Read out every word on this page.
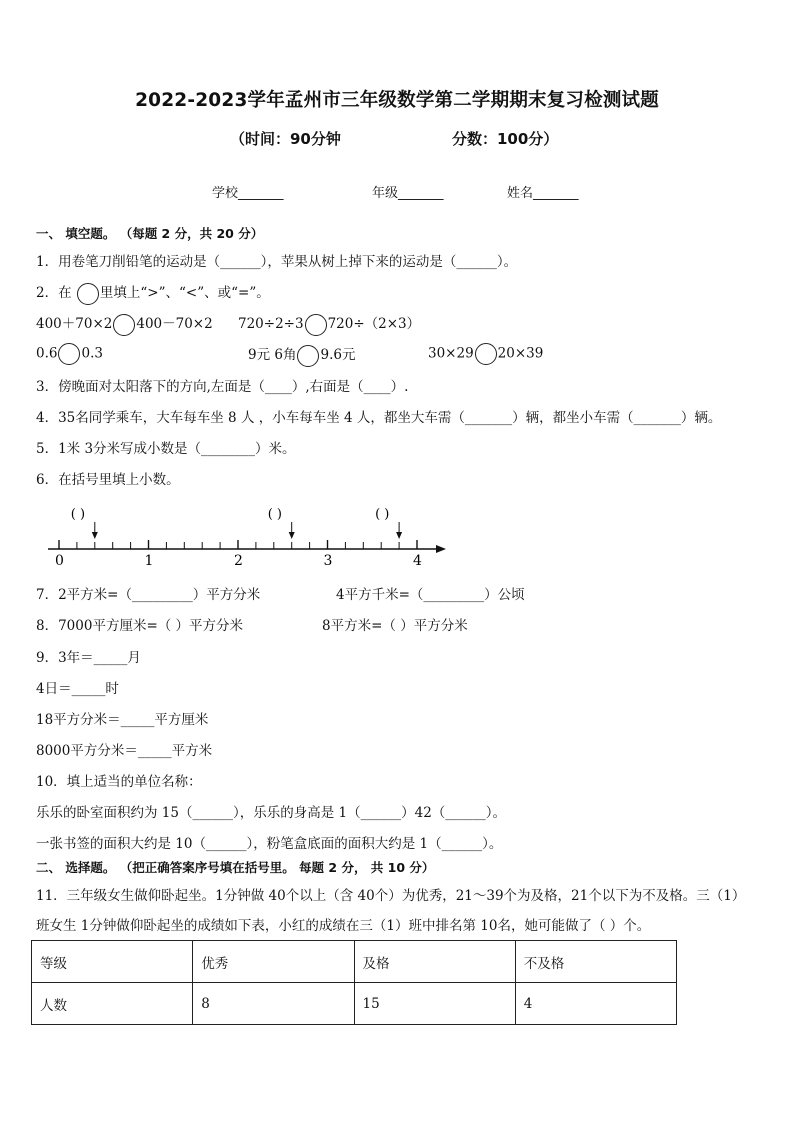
2022-2023学年孟州市三年级数学第二学期期末复习检测试题
（时间：90分钟	分数：100分）
学校_______	年级_______	姓名_______
一、 填空题。 （每题 2 分，共 20 分）
1．用卷笔刀削铅笔的运动是（______），苹果从树上掉下来的运动是（______）。
2．在 里填上“>”、“<”、或“=”。
400＋70×2 400－70×2 720÷2÷3 720÷（2×3）
0.6 0.3	9元 6角 9.6元	30×29 20×39
3．傍晚面对太阳落下的方向,左面是（____）,右面是（____）.
4．35名同学乘车，大车每车坐 8 人 ，小车每车坐 4 人，都坐大车需（_______）辆，都坐小车需（_______）辆。
5．1米 3分米写成小数是（________）米。
6．在括号里填上小数。
0	1	2	3	4
( )	( )	( )
7．2平方米=（_________）平方分米	4平方千米=（_________）公顷
8．7000平方厘米=（ ）平方分米	8平方米=（ ）平方分米
9．3年＝_____月
4日＝_____时
18平方分米＝_____平方厘米
8000平方分米＝_____平方米
10．填上适当的单位名称：
乐乐的卧室面积约为 15（______），乐乐的身高是 1（______）42（______）。
一张书签的面积大约是 10（______），粉笔盒底面的面积大约是 1（______）。
二、 选择题。 （把正确答案序号填在括号里。 每题 2 分， 共 10 分）
11．三年级女生做仰卧起坐。1分钟做 40个以上（含 40个）为优秀，21～39个为及格，21个以下为不及格。三（1）
班女生 1分钟做仰卧起坐的成绩如下表，小红的成绩在三（1）班中排名第 10名，她可能做了（ ）个。
等级	优秀	及格	不及格
人数	8	15	4
